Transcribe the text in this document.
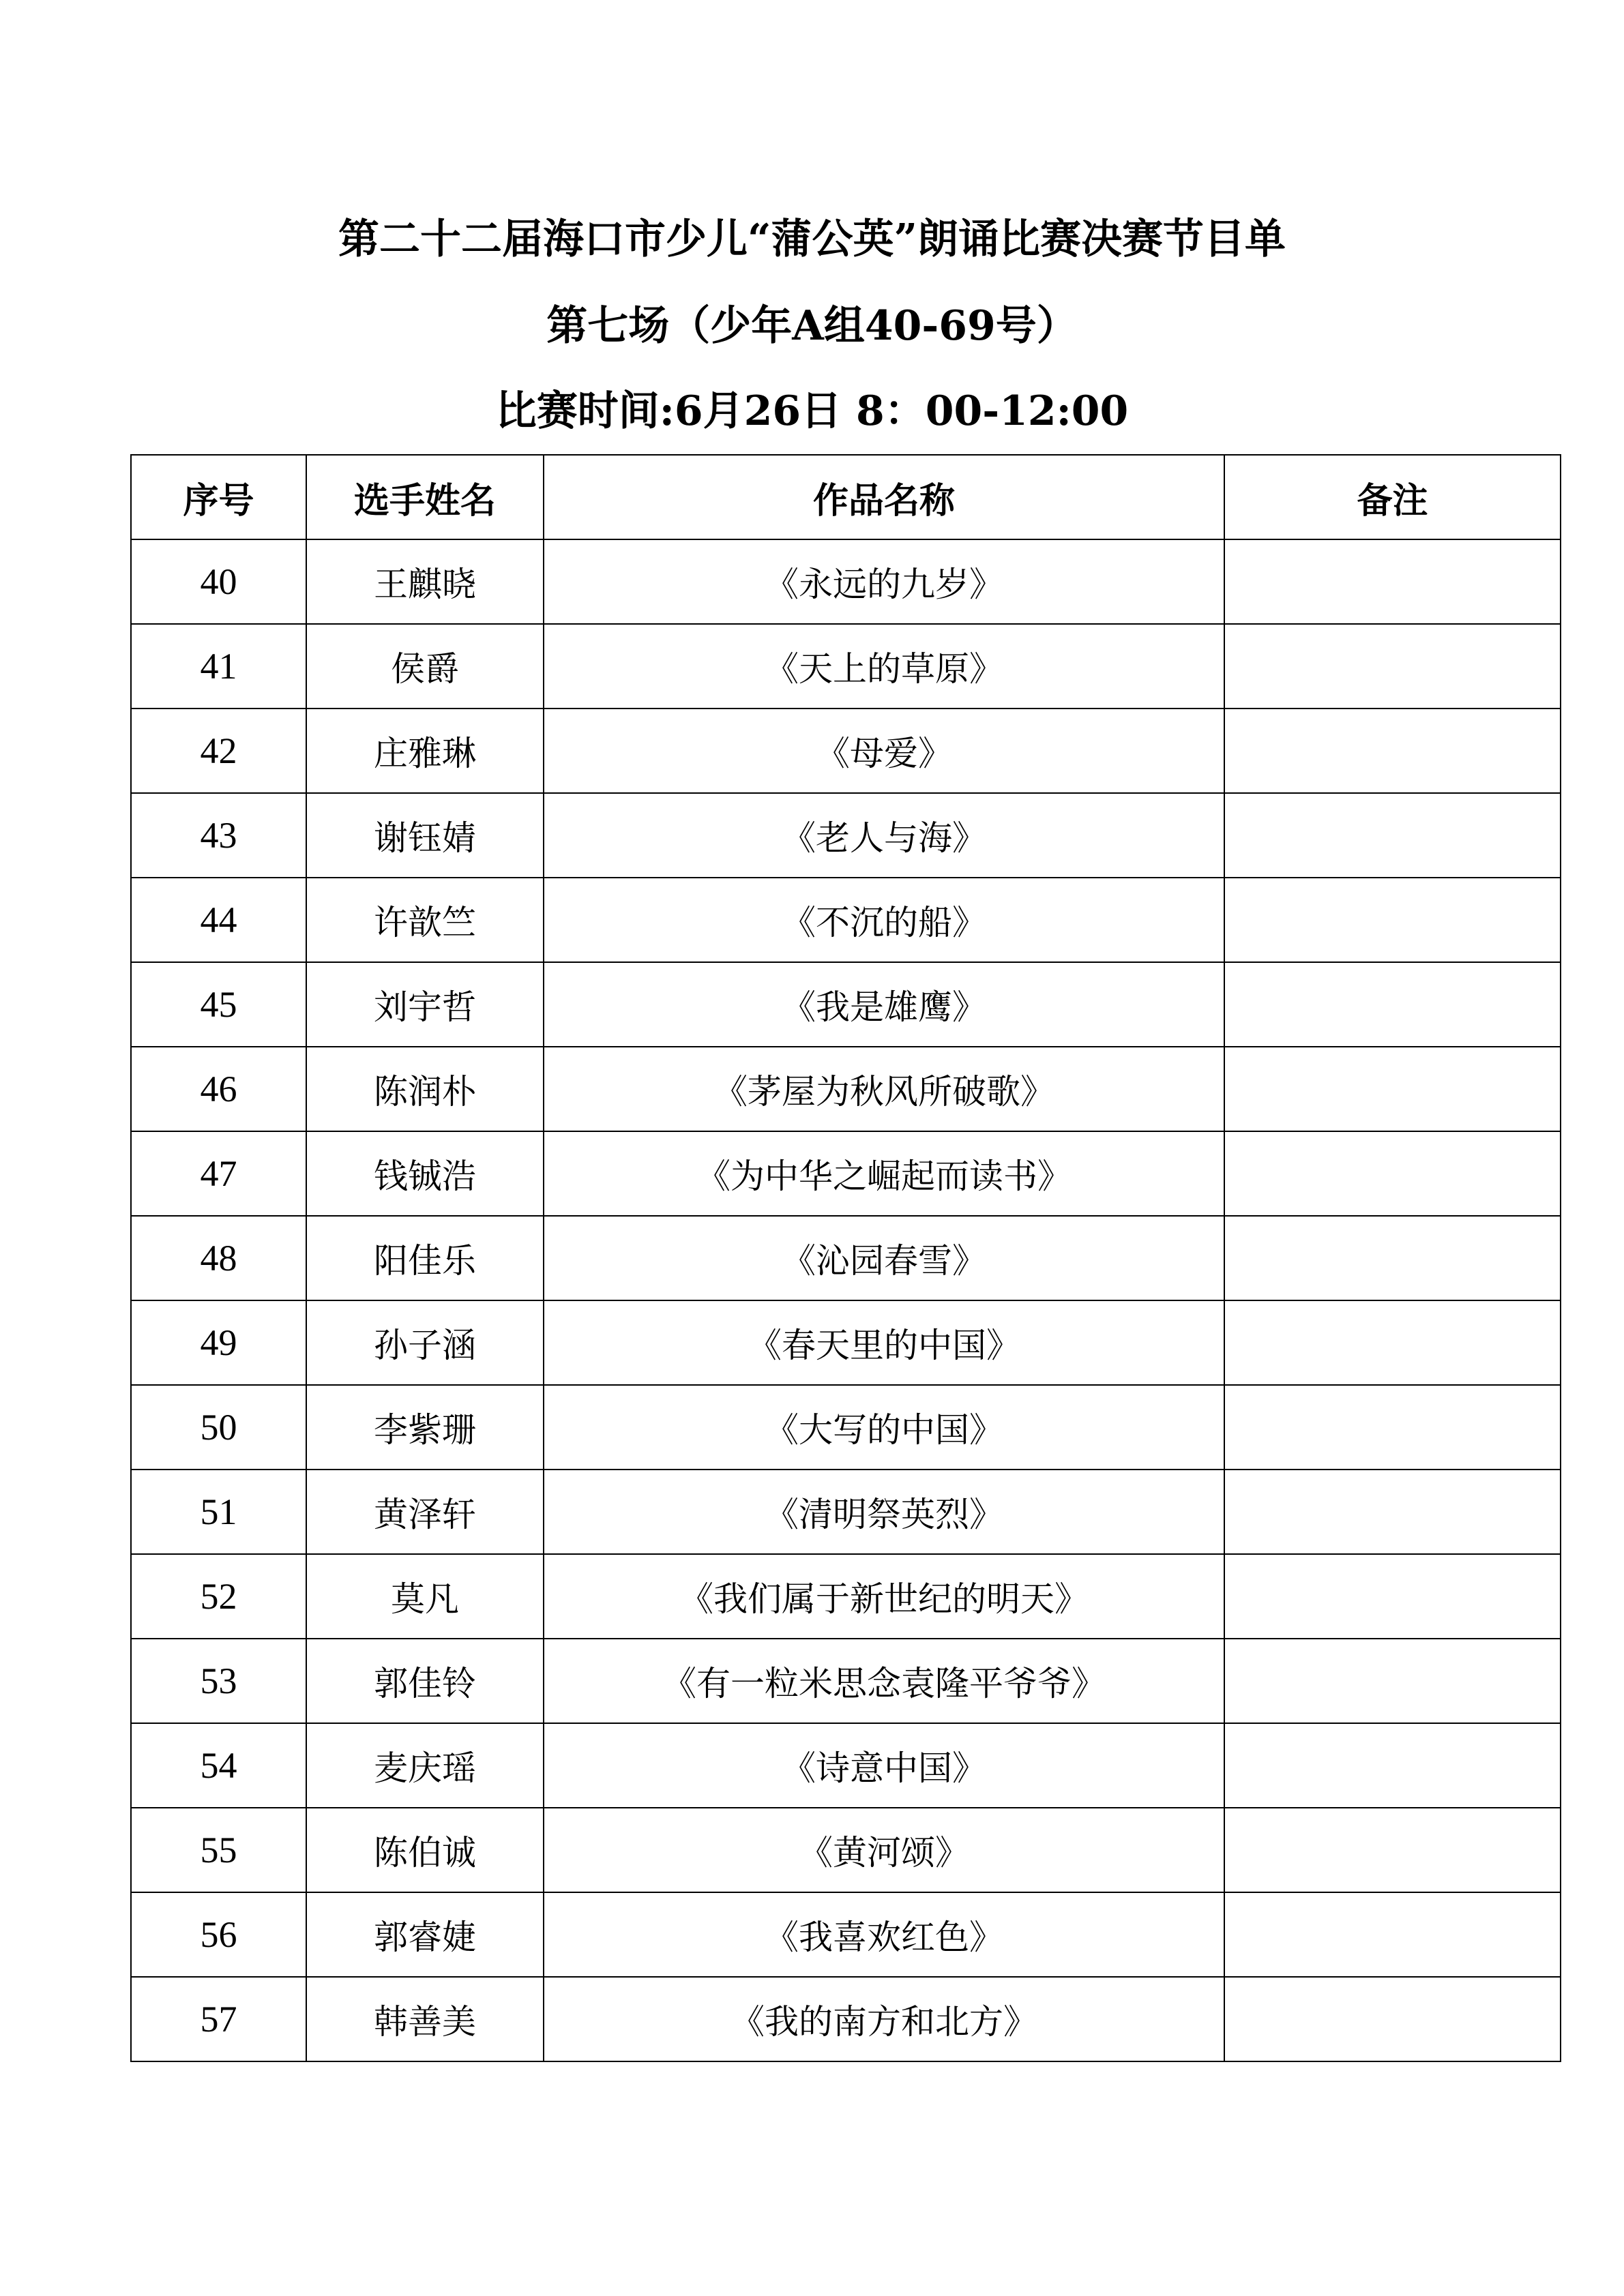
第二十二届海口市少儿“蒲公英”朗诵比赛决赛节目单
第七场（少年A组40-69号）
比赛时间:6月26日 8：00-12:00
序号	选手姓名	作品名称	备注
40	王麒晓	《永远的九岁》	
41	侯爵	《天上的草原》	
42	庄雅琳	《母爱》	
43	谢钰婧	《老人与海》	
44	许歆竺	《不沉的船》	
45	刘宇哲	《我是雄鹰》	
46	陈润朴	《茅屋为秋风所破歌》	
47	钱铖浩	《为中华之崛起而读书》	
48	阳佳乐	《沁园春雪》	
49	孙子涵	《春天里的中国》	
50	李紫珊	《大写的中国》	
51	黄泽轩	《清明祭英烈》	
52	莫凡	《我们属于新世纪的明天》	
53	郭佳铃	《有一粒米思念袁隆平爷爷》	
54	麦庆瑶	《诗意中国》	
55	陈伯诚	《黄河颂》	
56	郭睿婕	《我喜欢红色》	
57	韩善美	《我的南方和北方》	
